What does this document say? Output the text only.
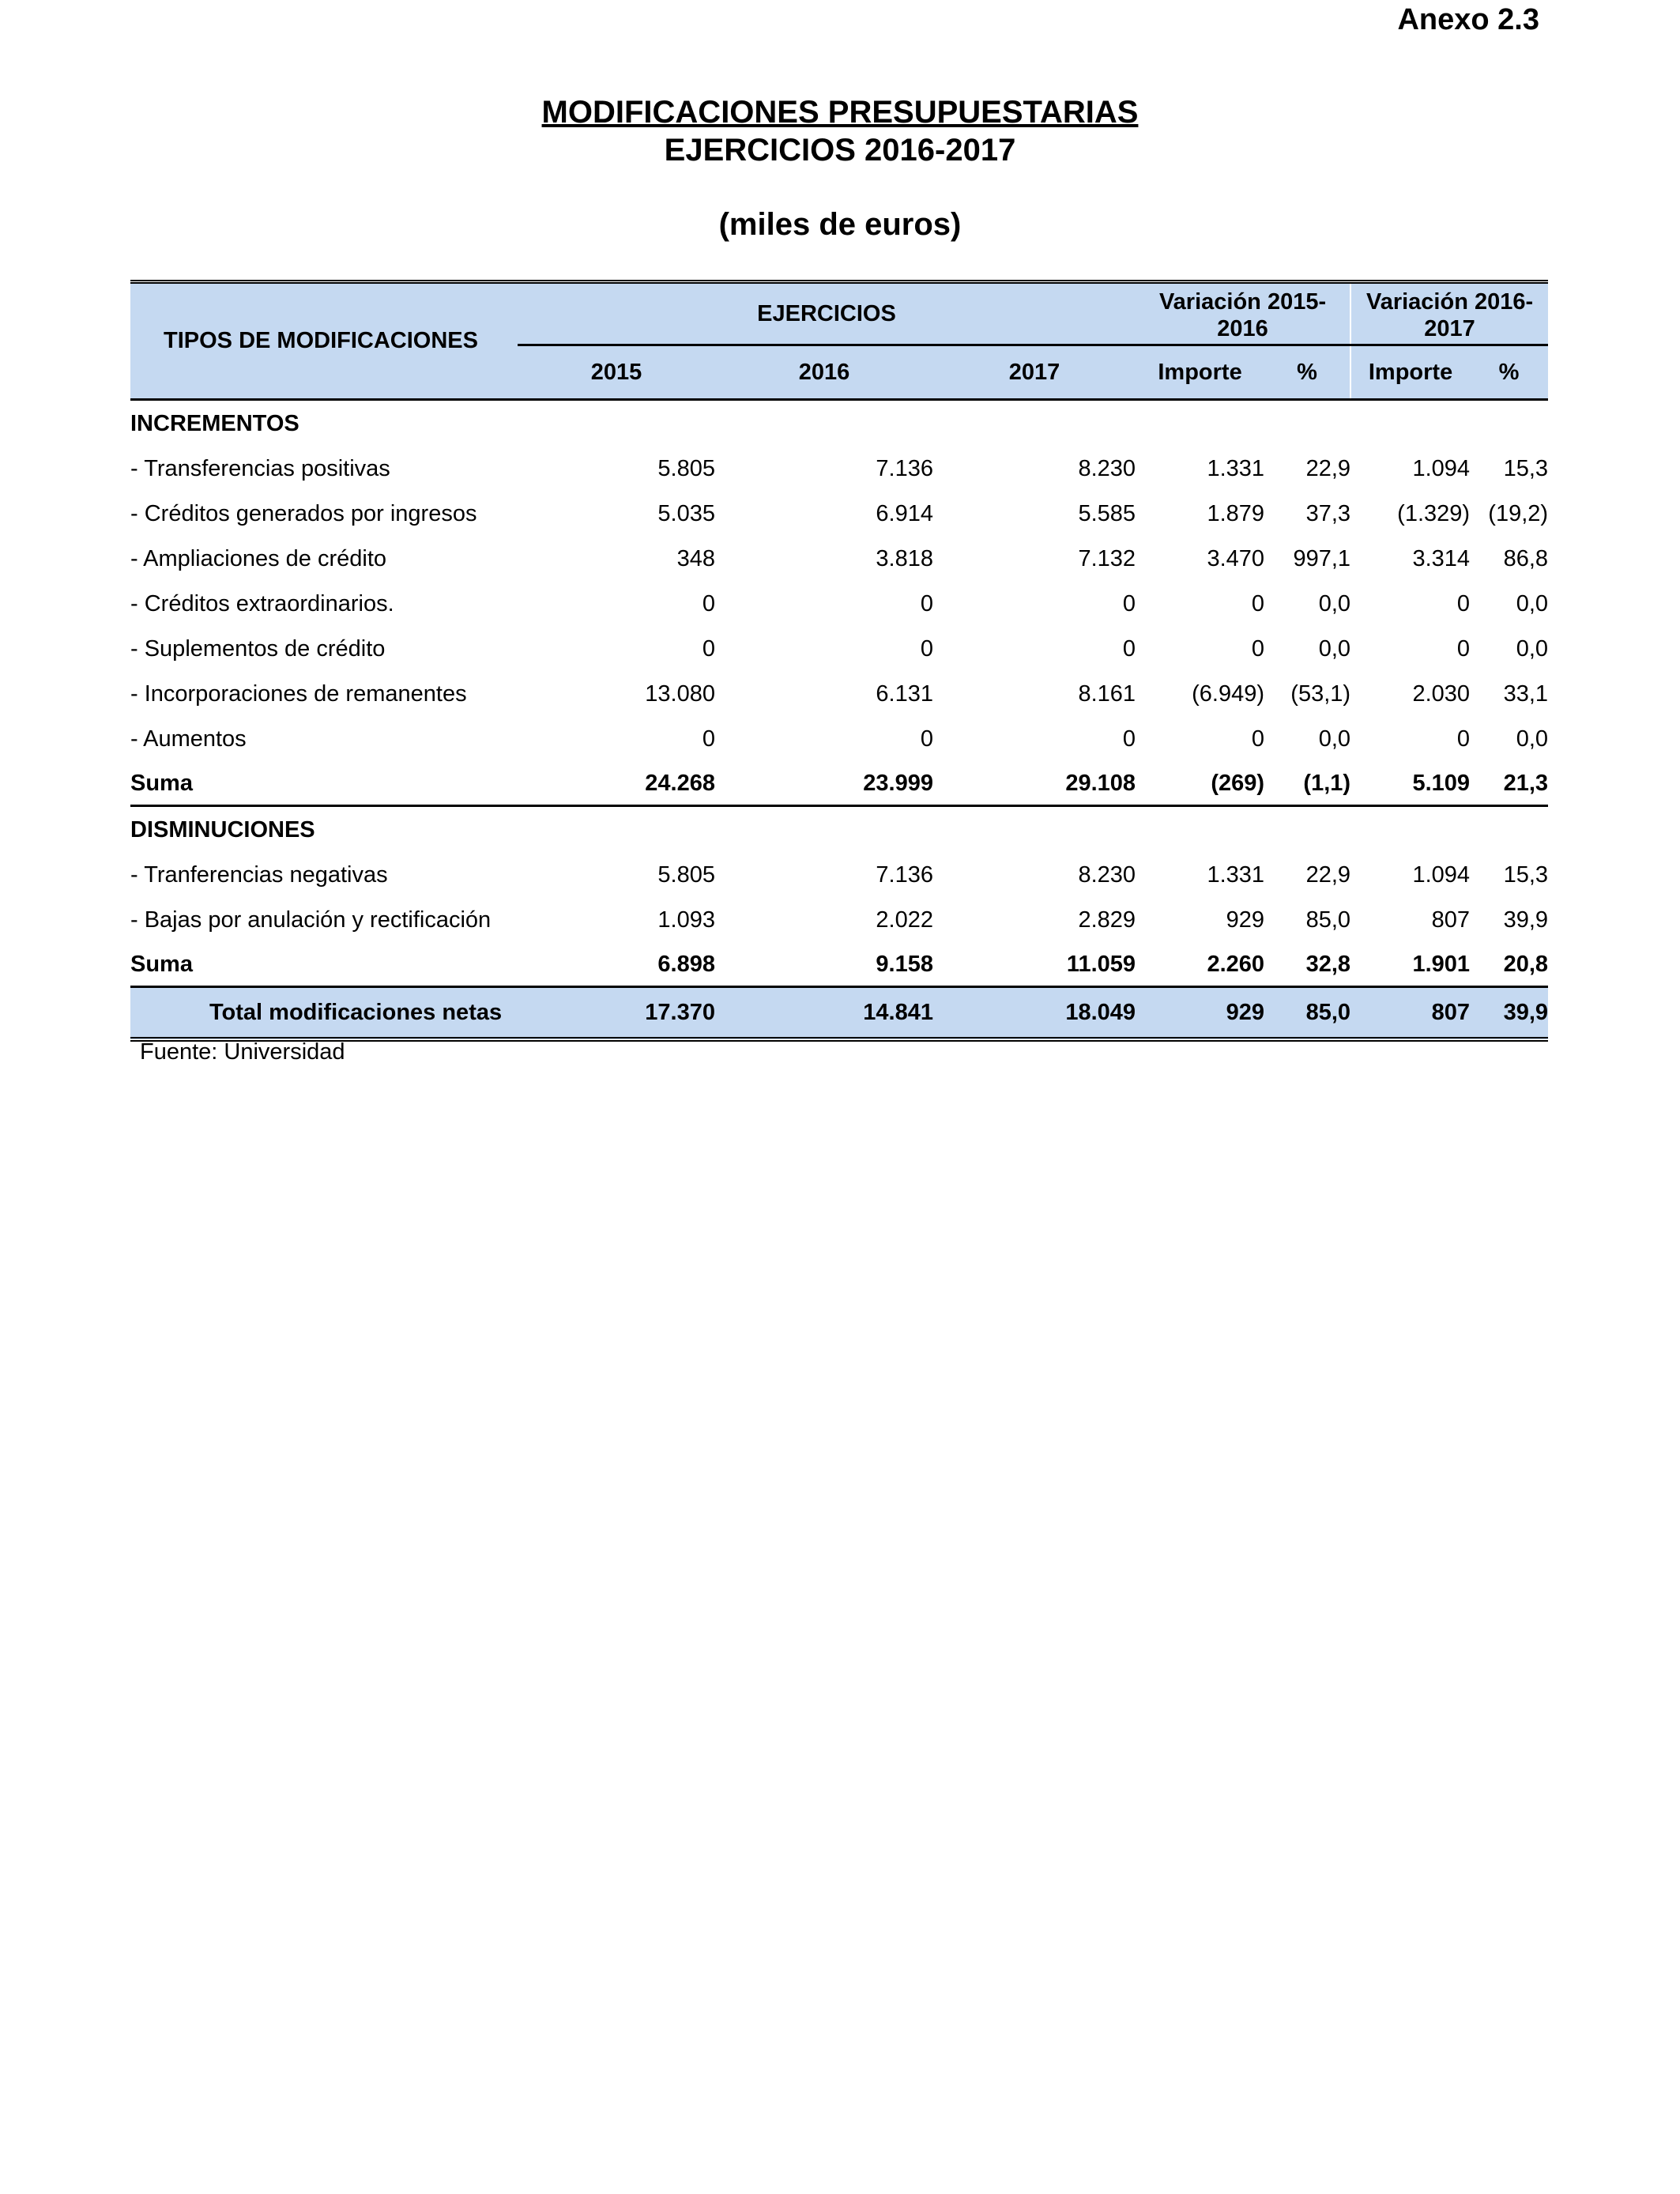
Anexo 2.3
MODIFICACIONES PRESUPUESTARIAS
EJERCICIOS 2016-2017
(miles de euros)
TIPOS DE MODIFICACIONES	EJERCICIOS			Variación 2015-2016		Variación 2016-2017	
	2015	2016	2017	Importe	%	Importe	%
INCREMENTOS							
- Transferencias positivas	5.805	7.136	8.230	1.331	22,9	1.094	15,3
- Créditos generados por ingresos	5.035	6.914	5.585	1.879	37,3	(1.329)	(19,2)
- Ampliaciones de crédito	348	3.818	7.132	3.470	997,1	3.314	86,8
- Créditos extraordinarios.	0	0	0	0	0,0	0	0,0
- Suplementos de crédito	0	0	0	0	0,0	0	0,0
- Incorporaciones de remanentes	13.080	6.131	8.161	(6.949)	(53,1)	2.030	33,1
- Aumentos	0	0	0	0	0,0	0	0,0
Suma	24.268	23.999	29.108	(269)	(1,1)	5.109	21,3
DISMINUCIONES							
- Tranferencias negativas	5.805	7.136	8.230	1.331	22,9	1.094	15,3
- Bajas por anulación y rectificación	1.093	2.022	2.829	929	85,0	807	39,9
Suma	6.898	9.158	11.059	2.260	32,8	1.901	20,8
Total modificaciones netas	17.370	14.841	18.049	929	85,0	807	39,9
Fuente: Universidad
